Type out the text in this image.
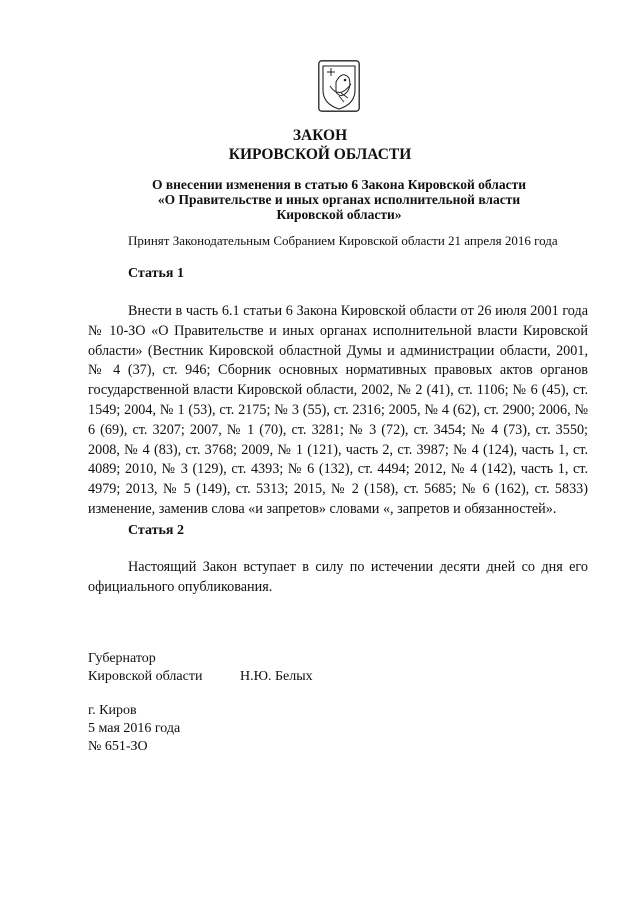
ЗАКОН
КИРОВСКОЙ ОБЛАСТИ
О внесении изменения в статью 6 Закона Кировской области
«О Правительстве и иных органах исполнительной власти
Кировской области»
Принят Законодательным Собранием Кировской области 21 апреля 2016 года
Статья 1

Внести в часть 6.1 статьи 6 Закона Кировской области от 26 июля 2001 года № 10-ЗО «О Правительстве и иных органах исполнительной власти Кировской области» (Вестник Кировской областной Думы и администрации области, 2001, № 4 (37), ст. 946; Сборник основных нормативных правовых актов органов государственной власти Кировской области, 2002, № 2 (41), ст. 1106; № 6 (45), ст. 1549; 2004, № 1 (53), ст. 2175; № 3 (55), ст. 2316; 2005, № 4 (62), ст. 2900; 2006, № 6 (69), ст. 3207; 2007, № 1 (70), ст. 3281; № 3 (72), ст. 3454; № 4 (73), ст. 3550; 2008, № 4 (83), ст. 3768; 2009, № 1 (121), часть 2, ст. 3987; № 4 (124), часть 1, ст. 4089; 2010, № 3 (129), ст. 4393; № 6 (132), ст. 4494; 2012, № 4 (142), часть 1, ст. 4979; 2013, № 5 (149), ст. 5313; 2015, № 2 (158), ст. 5685; № 6 (162), ст. 5833) изменение, заменив слова «и запретов» словами «, запретов и обязанностей».

Статья 2

Настоящий Закон вступает в силу по истечении десяти дней со дня его официального опубликования.

Губернатор
Кировской области	Н.Ю. Белых
г. Киров
5 мая 2016 года
№ 651-ЗО
